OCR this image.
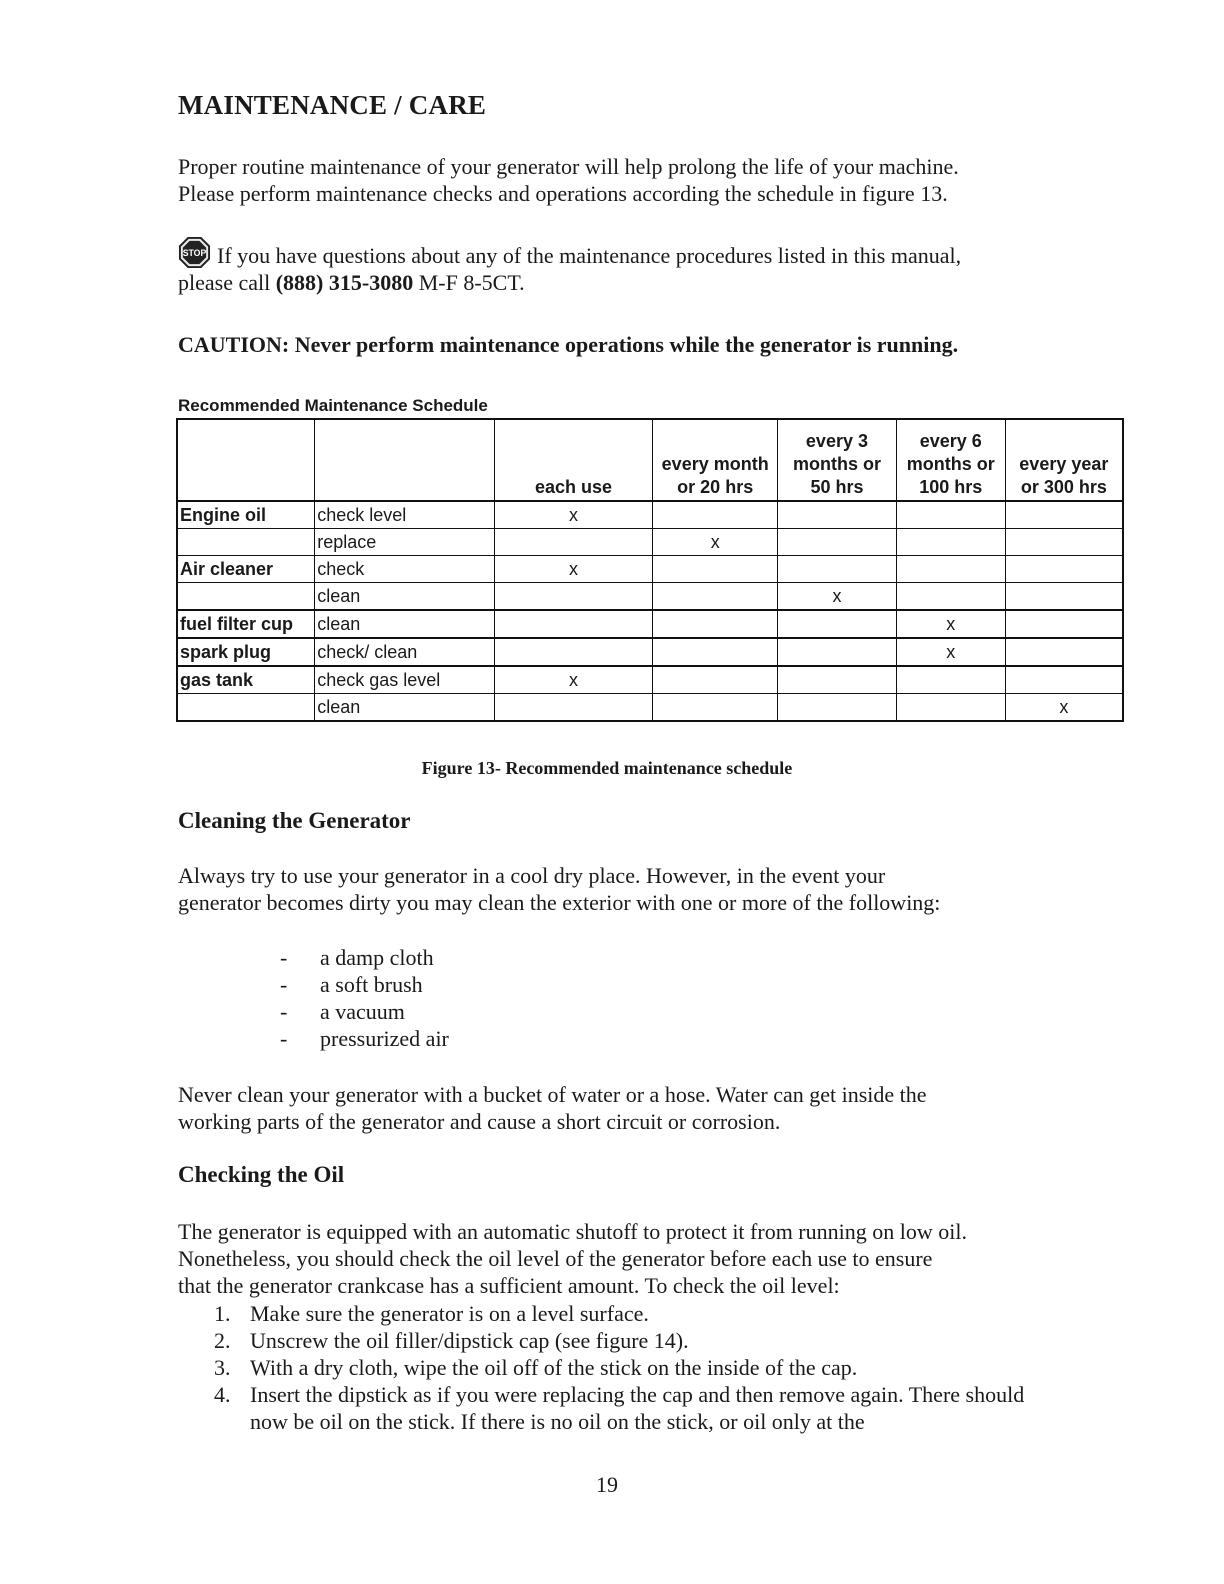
MAINTENANCE / CARE

Proper routine maintenance of your generator will help prolong the life of your machine.
Please perform maintenance checks and operations according the schedule in figure 13.

STOP If you have questions about any of the maintenance procedures listed in this manual,
please call (888) 315-3080 M-F 8-5CT.

CAUTION: Never perform maintenance operations while the generator is running.

Recommended Maintenance Schedule

		each use	every month
or 20 hrs	every 3
months or
50 hrs	every 6
months or
100 hrs	every year
or 300 hrs
Engine oil	check level	x				
	replace		x			
Air cleaner	check	x				
	clean			x		
fuel filter cup	clean				x	
spark plug	check/ clean				x	
gas tank	check gas level	x				
	clean					x

Figure 13- Recommended maintenance schedule

Cleaning the Generator

Always try to use your generator in a cool dry place. However, in the event your
generator becomes dirty you may clean the exterior with one or more of the following:

- a damp cloth
- a soft brush
- a vacuum
- pressurized air

Never clean your generator with a bucket of water or a hose. Water can get inside the
working parts of the generator and cause a short circuit or corrosion.

Checking the Oil

The generator is equipped with an automatic shutoff to protect it from running on low oil.
Nonetheless, you should check the oil level of the generator before each use to ensure
that the generator crankcase has a sufficient amount. To check the oil level:

1. Make sure the generator is on a level surface.
2. Unscrew the oil filler/dipstick cap (see figure 14).
3. With a dry cloth, wipe the oil off of the stick on the inside of the cap.
4. Insert the dipstick as if you were replacing the cap and then remove again. There should now be oil on the stick. If there is no oil on the stick, or oil only at the

19
